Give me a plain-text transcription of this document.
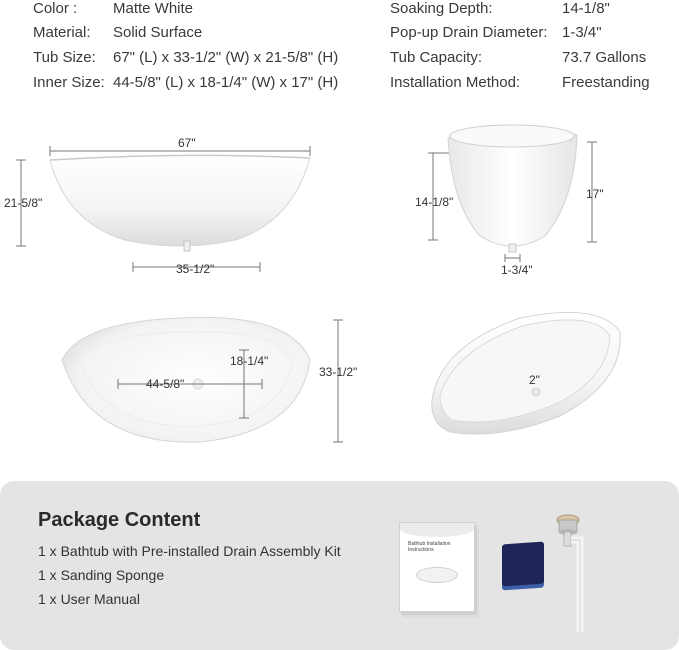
Color : Matte White
Material: Solid Surface
Tub Size: 67" (L) x 33-1/2" (W) x 21-5/8" (H)
Inner Size: 44-5/8" (L) x 18-1/4" (W) x 17" (H)
Soaking Depth:	14-1/8"
Pop-up Drain Diameter: 1-3/4"
Tub Capacity:	73.7 Gallons
Installation Method:	Freestanding
67"
21-5/8"
35-1/2"
14-1/8"
17"
1-3/4"
44-5/8"
18-1/4"
33-1/2"
2"
Package Content
1 x Bathtub with Pre-installed Drain Assembly Kit
1 x Sanding Sponge
1 x User Manual
Bathtub Installation Instructions
